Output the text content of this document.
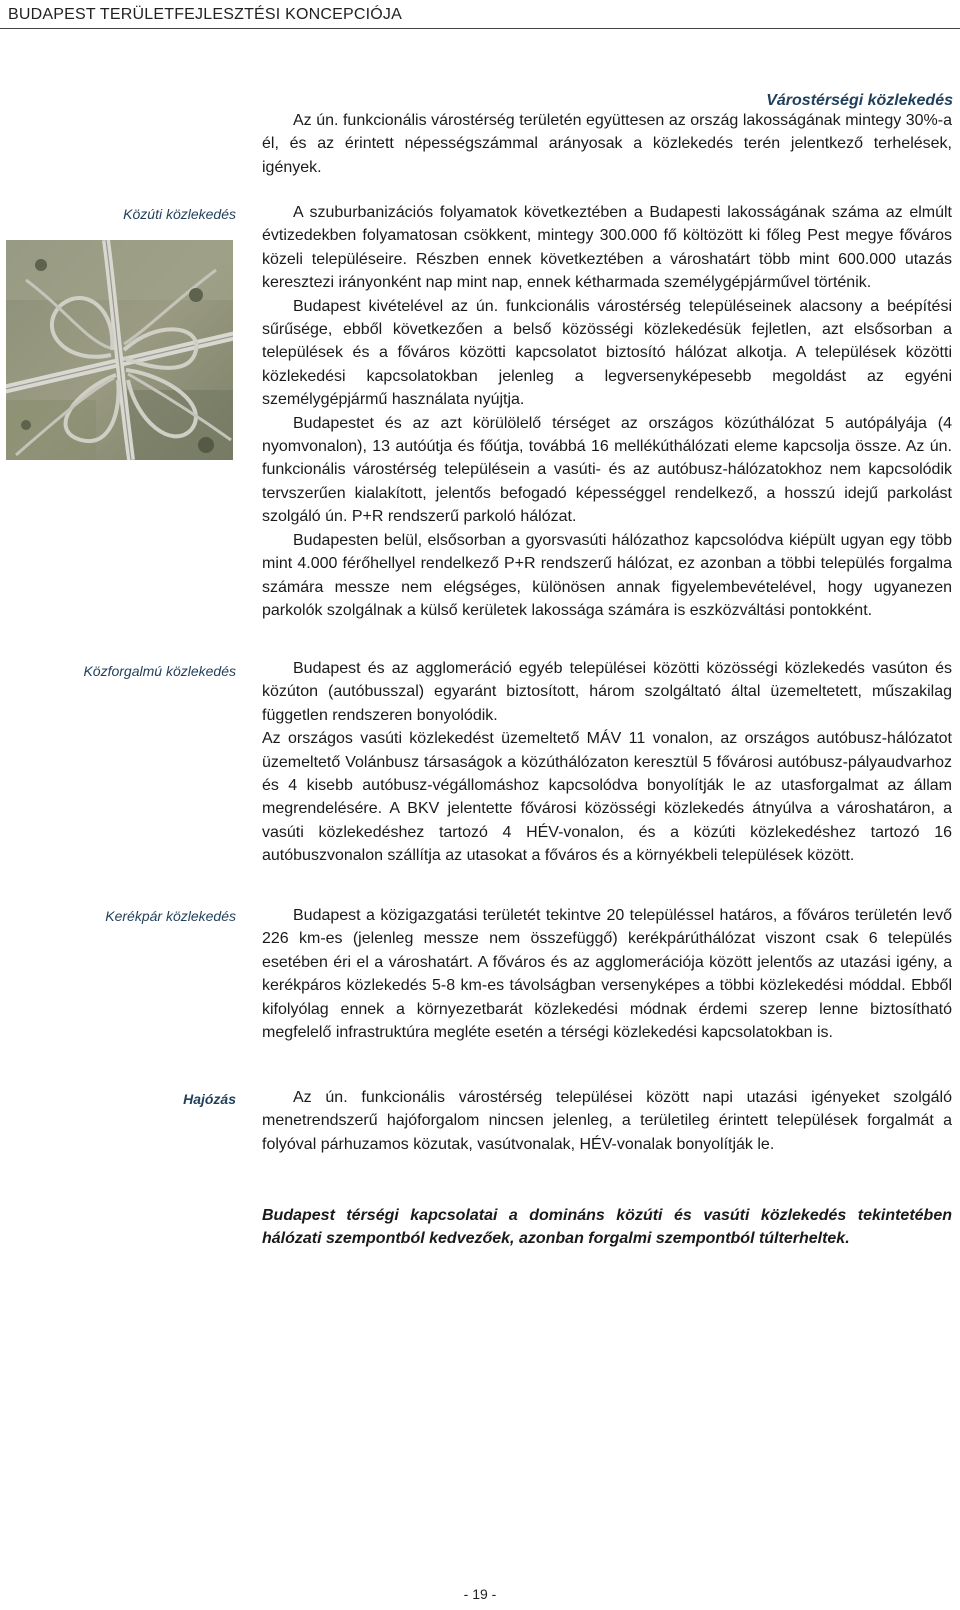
BUDAPEST TERÜLETFEJLESZTÉSI KONCEPCIÓJA
Várostérségi közlekedés

Az ún. funkcionális várostérség területén együttesen az ország lakosságának mintegy 30%-a él, és az érintett népességszámmal arányosak a közlekedés terén jelentkező terhelések, igények.

Közúti közlekedés	A szuburbanizációs folyamatok következtében a Budapesti lakosságának száma az elmúlt évtizedekben folyamatosan csökkent, mintegy 300.000 fő költözött ki főleg Pest megye főváros közeli településeire. Részben ennek következtében a városhatárt több mint 600.000 utazás keresztezi irányonként nap mint nap, ennek kétharmada személygépjárművel történik.

Budapest kivételével az ún. funkcionális várostérség településeinek alacsony a beépítési sűrűsége, ebből következően a belső közösségi közlekedésük fejletlen, azt elsősorban a települések és a főváros közötti kapcsolatot biztosító hálózat alkotja. A települések közötti közlekedési kapcsolatokban jelenleg a legversenyképesebb megoldást az egyéni személygépjármű használata nyújtja.

Budapestet és az azt körülölelő térséget az országos közúthálózat 5 autópályája (4 nyomvonalon), 13 autóútja és főútja, továbbá 16 mellékúthálózati eleme kapcsolja össze. Az ún. funkcionális várostérség településein a vasúti- és az autóbusz-hálózatokhoz nem kapcsolódik tervszerűen kialakított, jelentős befogadó képességgel rendelkező, a hosszú idejű parkolást szolgáló ún. P+R rendszerű parkoló hálózat.

Budapesten belül, elsősorban a gyorsvasúti hálózathoz kapcsolódva kiépült ugyan egy több mint 4.000 férőhellyel rendelkező P+R rendszerű hálózat, ez azonban a többi település forgalma számára messze nem elégséges, különösen annak figyelembevételével, hogy ugyanezen parkolók szolgálnak a külső kerületek lakossága számára is eszközváltási pontokként.

Közforgalmú közlekedés	Budapest és az agglomeráció egyéb települései közötti közösségi közlekedés vasúton és közúton (autóbusszal) egyaránt biztosított, három szolgáltató által üzemeltetett, műszakilag független rendszeren bonyolódik.

Az országos vasúti közlekedést üzemeltető MÁV 11 vonalon, az országos autóbusz-hálózatot üzemeltető Volánbusz társaságok a közúthálózaton keresztül 5 fővárosi autóbusz-pályaudvarhoz és 4 kisebb autóbusz-végállomáshoz kapcsolódva bonyolítják le az utasforgalmat az állam megrendelésére. A BKV jelentette fővárosi közösségi közlekedés átnyúlva a városhatáron, a vasúti közlekedéshez tartozó 4 HÉV-vonalon, és a közúti közlekedéshez tartozó 16 autóbuszvonalon szállítja az utasokat a főváros és a környékbeli települések között.

Kerékpár közlekedés	Budapest a közigazgatási területét tekintve 20 településsel határos, a főváros területén levő 226 km-es (jelenleg messze nem összefüggő) kerékpárúthálózat viszont csak 6 település esetében éri el a városhatárt. A főváros és az agglomerációja között jelentős az utazási igény, a kerékpáros közlekedés 5-8 km-es távolságban versenyképes a többi közlekedési móddal. Ebből kifolyólag ennek a környezetbarát közlekedési módnak érdemi szerep lenne biztosítható megfelelő infrastruktúra megléte esetén a térségi közlekedési kapcsolatokban is.

Hajózás	Az ún. funkcionális várostérség települései között napi utazási igényeket szolgáló menetrendszerű hajóforgalom nincsen jelenleg, a területileg érintett települések forgalmát a folyóval párhuzamos közutak, vasútvonalak, HÉV-vonalak bonyolítják le.

Budapest térségi kapcsolatai a domináns közúti és vasúti közlekedés tekintetében hálózati szempontból kedvezőek, azonban forgalmi szempontból túlterheltek.
- 19 -
